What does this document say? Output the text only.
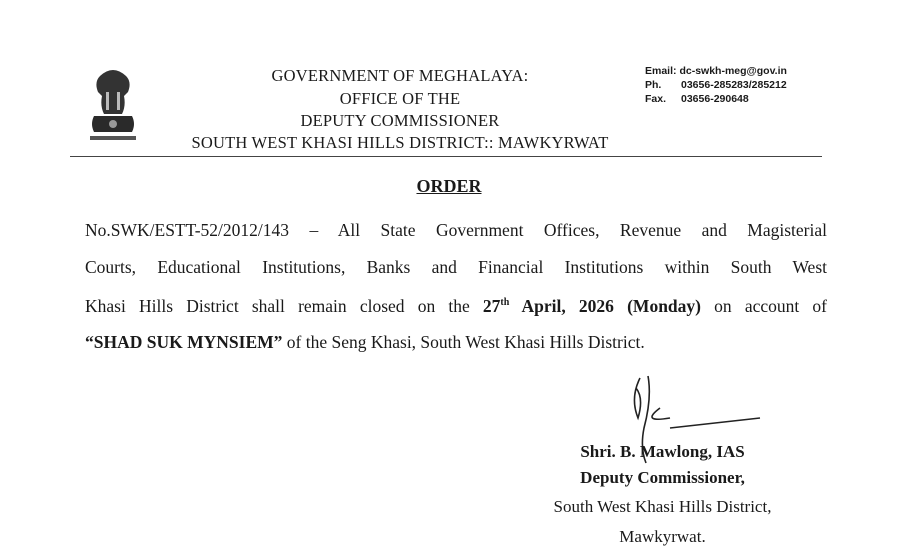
GOVERNMENT OF MEGHALAYA:
OFFICE OF THE
DEPUTY COMMISSIONER
SOUTH WEST KHASI HILLS DISTRICT:: MAWKYRWAT
Email: dc-swkh-meg@gov.in
Ph. 03656-285283/285212
Fax. 03656-290648
ORDER
No.SWK/ESTT-52/2012/143 – All State Government Offices, Revenue and Magisterial
Courts, Educational Institutions, Banks and Financial Institutions within South West
Khasi Hills District shall remain closed on the 27th April, 2026 (Monday) on account of
“SHAD SUK MYNSIEM” of the Seng Khasi, South West Khasi Hills District.
Shri. B. Mawlong, IAS
Deputy Commissioner,
South West Khasi Hills District,
Mawkyrwat.
